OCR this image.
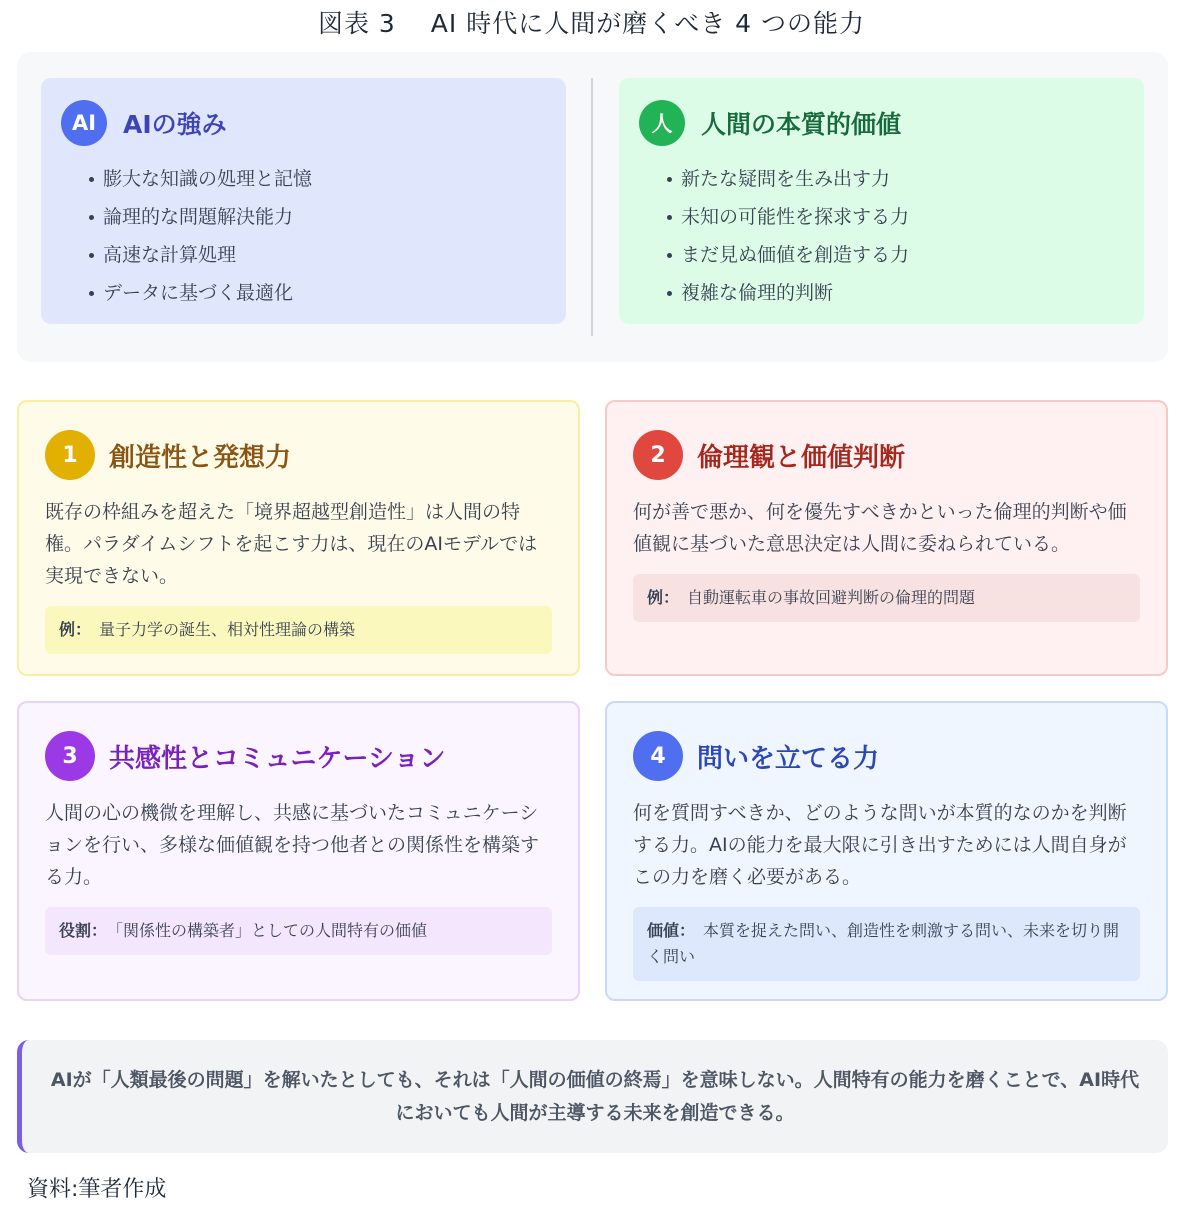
図表 3　 AI 時代に人間が磨くべき 4 つの能力
AI	AIの強み
膨大な知識の処理と記憶
論理的な問題解決能力
高速な計算処理
データに基づく最適化
人	人間の本質的価値
新たな疑問を生み出す力
未知の可能性を探求する力
まだ見ぬ価値を創造する力
複雑な倫理的判断
1	創造性と発想力
既存の枠組みを超えた「境界超越型創造性」は人間の特権。パラダイムシフトを起こす力は、現在のAIモデルでは実現できない。
例： 量子力学の誕生、相対性理論の構築
2	倫理観と価値判断
何が善で悪か、何を優先すべきかといった倫理的判断や価値観に基づいた意思決定は人間に委ねられている。
例： 自動運転車の事故回避判断の倫理的問題
3	共感性とコミュニケーション
人間の心の機微を理解し、共感に基づいたコミュニケーションを行い、多様な価値観を持つ他者との関係性を構築する力。
役割： 「関係性の構築者」としての人間特有の価値
4	問いを立てる力
何を質問すべきか、どのような問いが本質的なのかを判断する力。AIの能力を最大限に引き出すためには人間自身がこの力を磨く必要がある。
価値： 本質を捉えた問い、創造性を刺激する問い、未来を切り開く問い
AIが「人類最後の問題」を解いたとしても、それは「人間の価値の終焉」を意味しない。人間特有の能力を磨くことで、AI時代においても人間が主導する未来を創造できる。
資料:筆者作成
